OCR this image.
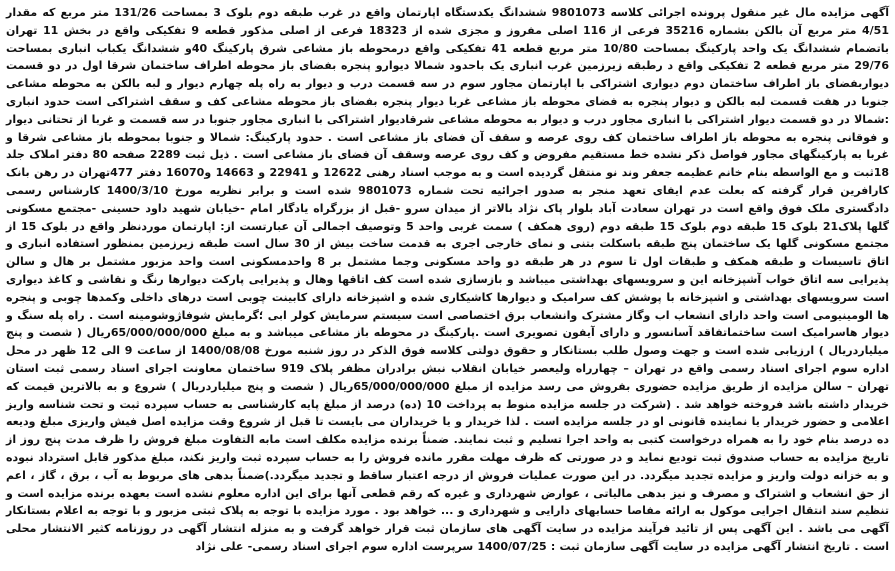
آگهی مزایده مال غیر منقول پرونده اجرائی کلاسه 9801073 ششدانگ یکدستگاه اپارتمان واقع در غرب طبقه دوم بلوک 3 بمساحت 131/26 متر مربع که مقدار 4/51 متر مربع آن بالکن بشماره 35216 فرعی از 116 اصلی مفروز و مجزی شده از 18323 فرعی از اصلی مذکور قطعه 9 تفکیکی واقع در بخش 11 تهران باتضمام ششدانگ یک واحد پارکینگ بمساحت 10/80 متر مربع قطعه 41 تفکیکی واقع درمحوطه باز مشاعی شرق پارکینگ 40و ششدانگ یکباب انباری بمساحت 29/76 متر مربع قطعه 2 تفکیکی واقع د رطبقه زیرزمین غرب انباری یک باحدود شمالا دیوارو پنجره بفضای باز محوطه اطراف ساختمان شرقا اول در دو قسمت دیواربفضای باز اطراف ساختمان دوم دیواری اشتراکی با اپارتمان مجاور سوم در سه قسمت درب و دیوار به راه پله چهارم دیوار و لبه بالکن به محوطه مشاعی جنوبا در هفت قسمت لبه بالکن و دیوار پنجره به فضای محوطه باز مشاعی غربا دیوار پنجره بفضای باز محوطه مشاعی کف و سقف اشتراکی است حدود انباری :شمالا در دو قسمت دیوار اشتراکی با انباری مجاور درب و دیوار به محوطه مشاعی شرقادیوار اشتراکی با انباری مجاور جنوبا در سه قسمت و غربا از تحتانی دیوار و فوقانی پنجره به محوطه باز اطراف ساختمان کف روی عرصه و سقف آن فضای باز مشاعی است . حدود پارکینگ: شمالا و جنوبا بمحوطه باز مشاعی شرقا و غربا به پارکینگهای مجاور فواصل ذکر نشده خط مستقیم مفروض و کف روی عرصه وسقف آن فضای باز مشاعی است . ذیل ثبت 2289 صفحه 80 دفتر املاک جلد 18ثبت و مع الواسطه بنام خانم عظیمه جعفر وند نو منتقل گردیده است و به موجب اسناد رهنی 12622 و 22941 و 14663 و16070 دفتر 477تهران در رهن بانک کارافرین قرار گرفته که بعلت عدم ایفای تعهد منجر به صدور اجرائیه تحت شماره 9801073 شده است و برابر نظریه مورخ 1400/3/10 کارشناس رسمی دادگستری ملک فوق واقع است در تهران سعادت آباد بلوار پاک نژاد بالاتر از میدان سرو -قبل از بزرگراه یادگار امام -خیابان شهید داود حسینی -مجتمع مسکونی گلها پلاک21 بلوک 15 طبقه دوم بلوک 15 طبقه دوم (روی همکف ) سمت غربی واحد 5 وتوصیف اجمالی آن عبارتست از: اپارتمان موردنظر واقع در بلوک 15 از مجتمع مسکونی گلها یک ساختمان پنج طبقه باسکلت بتنی و نمای خارجی اجری به قدمت ساخت بیش از 30 سال است طبقه زیرزمین بمنظور استفاده انباری و اتاق تاسیسات و طبقه همکف و طبقات اول تا سوم در هر طبقه دو واحد مسکونی وجما مشتمل بر 8 واحدمسکونی است واحد مزبور مشتمل بر هال و سالن پذیرایی سه اتاق خواب آشپزخانه این و سرویسهای بهداشتی میباشد و بازسازی شده است کف اتاقها وهال و پذیرایی پارکت دیوارها رنگ و نقاشی و کاغذ دیواری است سرویسهای بهداشتی و اشپزخانه با پوشش کف سرامیک و دیوارها کاشیکاری شده و اشپزخانه دارای کابینت چوبی است درهای داخلی وکمدها چوبی و پنجره ها الومینیومی است واحد دارای انشعاب اب وگاز مشترک وانشعاب برق اختصاصی است سیستم سرمایش کولر ابی ؛گرمایش شوفاژوشومینه است . راه پله سنگ و دیوار هاسرامیک است ساختماتفاقد آسانسور و دارای آیفون تصویری است .پارکینگ در محوطه باز مشاعی میباشد و به مبلغ 65/000/000/000ریال ( شصت و پنج میلیاردریال ) ارزیابی شده است و جهت وصول طلب بستانکار و حقوق دولتی کلاسه فوق الذکر در روز شنبه مورخ 1400/08/08 از ساعت 9 الی 12 ظهر در محل اداره سوم اجرای اسناد رسمی واقع در تهران – چهارراه ولیعصر خیابان انقلاب نبش برادران مظفر پلاک 919 ساختمان معاونت اجرای اسناد رسمی ثبت استان تهران – سالن مزایده از طریق مزایده حضوری بفروش می رسد مزایده از مبلغ 65/000/000/000ریال ( شصت و پنج میلیاردریال ) شروع و به بالاترین قیمت که خریدار داشته باشد فروخته خواهد شد . (شرکت در جلسه مزایده منوط به پرداخت 10 (ده) درصد از مبلغ پایه کارشناسی به حساب سپرده ثبت و تحت شناسه واریز اعلامی و حضور خریدار یا نماینده قانونی او در جلسه مزایده است . لذا خریدار و یا خریداران می بایست تا قبل از شروع وقت مزایده اصل فیش واریزی مبلغ ودیعه ده درصد بنام خود را به همراه درخواست کتبی به واحد اجرا تسلیم و ثبت نمایند. ضمناً برنده مزایده مکلف است مابه التفاوت مبلغ فروش را ظرف مدت پنج روز از تاریخ مزایده به حساب صندوق ثبت تودیع نماید و در صورتی که ظرف مهلت مقرر مانده فروش را به حساب سپرده ثبت واریز نکند، مبلغ مذکور قابل استرداد نبوده و به خزانه دولت واریز و مزایده تجدید میگردد. در این صورت عملیات فروش از درجه اعتبار ساقط و تجدید میگردد.)ضمناً بدهی های مربوط به آب ، برق ، گاز ، اعم از حق انشعاب و اشتراک و مصرف و نیز بدهی مالیاتی ، عوارض شهرداری و غیره که رقم قطعی آنها برای این اداره معلوم نشده است بعهده برنده مزایده است و تنظیم سند انتقال اجرایی موکول به ارائه مفاصا حسابهای دارایی و شهرداری و ... خواهد بود . مورد مزایده با توجه به پلاک ثبتی مزبور و با توجه به اعلام بستانکار آگهی می باشد . این آگهی پس از تائید فرآیند مزایده در سایت آگهی های سازمان ثبت قرار خواهد گرفت و به منزله انتشار آگهی در روزنامه کثیر الانتشار محلی است . تاریخ انتشار آگهی مزایده در سایت آگهی سازمان ثبت : 1400/07/25 سرپرست اداره سوم اجرای اسناد رسمی- علی نژاد
